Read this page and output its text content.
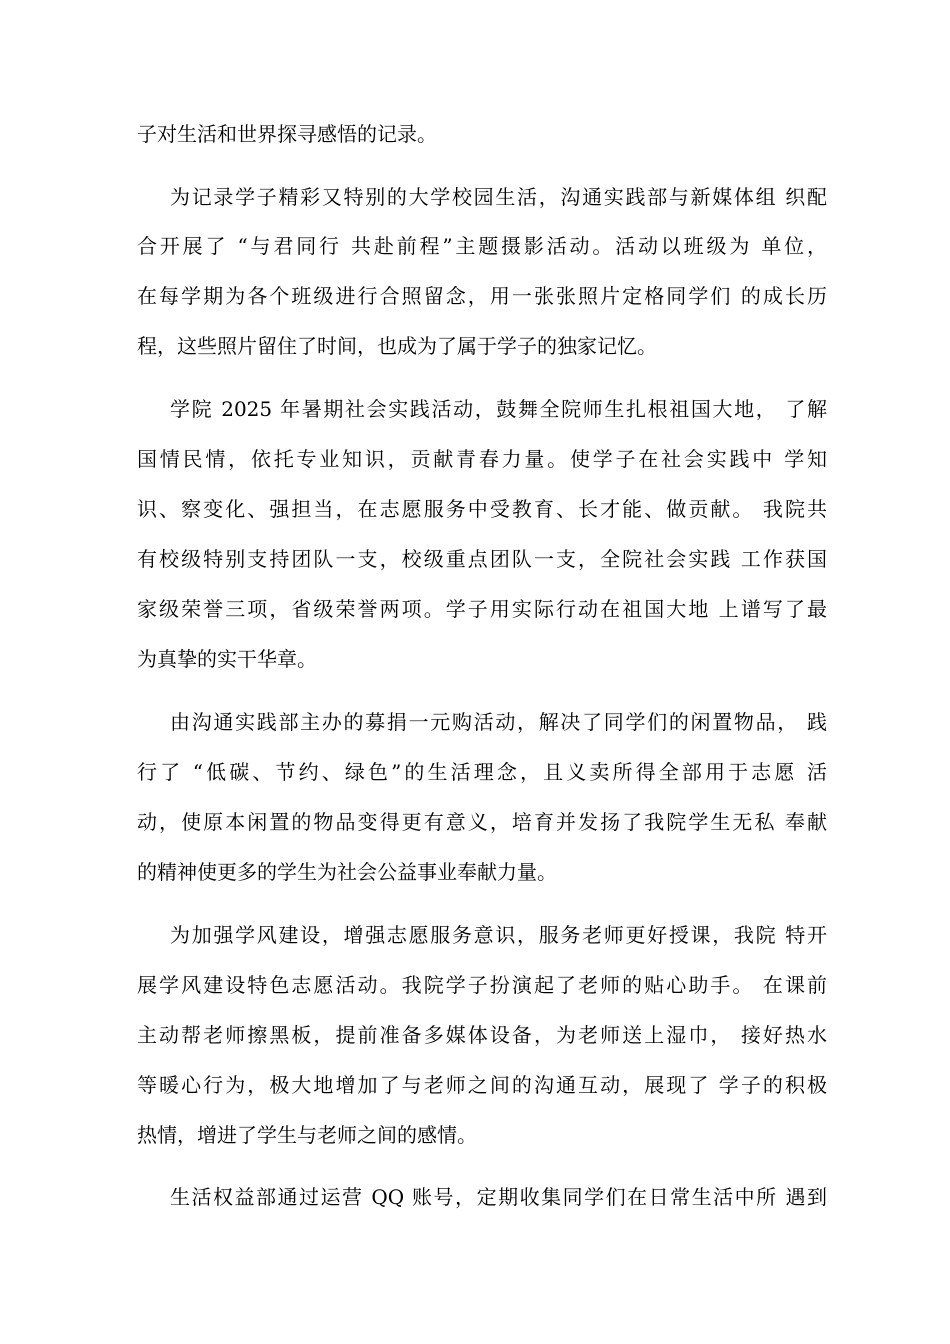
子对生活和世界探寻感悟的记录。
为记录学子精彩又特别的大学校园生活，沟通实践部与新媒体组 织配
合开展了 “与君同行 共赴前程”主题摄影活动。活动以班级为 单位，
在每学期为各个班级进行合照留念，用一张张照片定格同学们 的成长历
程，这些照片留住了时间，也成为了属于学子的独家记忆。
学院 2025 年暑期社会实践活动，鼓舞全院师生扎根祖国大地， 了解
国情民情，依托专业知识，贡献青春力量。使学子在社会实践中 学知
识、察变化、强担当，在志愿服务中受教育、长才能、做贡献。 我院共
有校级特别支持团队一支，校级重点团队一支，全院社会实践 工作获国
家级荣誉三项，省级荣誉两项。学子用实际行动在祖国大地 上谱写了最
为真挚的实干华章。
由沟通实践部主办的募捐一元购活动，解决了同学们的闲置物品， 践
行了 “低碳、节约、绿色”的生活理念，且义卖所得全部用于志愿 活
动，使原本闲置的物品变得更有意义，培育并发扬了我院学生无私 奉献
的精神使更多的学生为社会公益事业奉献力量。
为加强学风建设，增强志愿服务意识，服务老师更好授课，我院 特开
展学风建设特色志愿活动。我院学子扮演起了老师的贴心助手。 在课前
主动帮老师擦黑板，提前准备多媒体设备，为老师送上湿巾， 接好热水
等暖心行为，极大地增加了与老师之间的沟通互动，展现了 学子的积极
热情，增进了学生与老师之间的感情。
生活权益部通过运营 QQ 账号，定期收集同学们在日常生活中所 遇到
